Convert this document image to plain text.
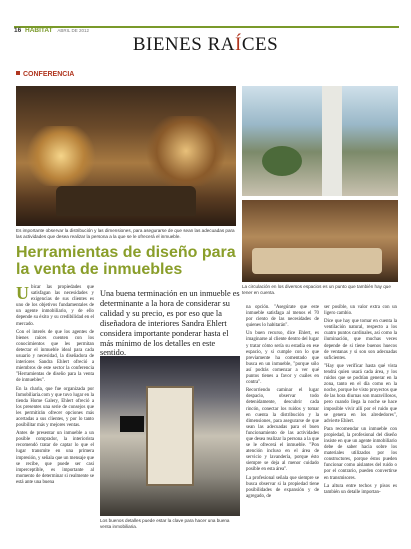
16 HABITAT ABRIL DE 2012
BIENES RAÍCES
CONFERENCIA
Es importante observar la distribución y las dimensiones, para asegurarse de que sean las adecuadas para las actividades que desea realizar la persona a la que se le ofrecerá el inmueble.
La circulación en los diversos espacios es un punto que también hay que tener en cuenta.
Los buenos detalles puede estar la clave para hacer una buena venta inmobiliaria.
Herramientas de diseño para la venta de inmuebles
Una buena terminación en un inmueble es determinante a la hora de considerar su calidad y su precio, es por eso que la diseñadora de interiores Sandra Ehlert considera importante ponderar hasta el más mínimo de los detalles en este sentido.

Ubicar las propiedades que satisfagan las necesidades y exigencias de sus clientes es uno de los objetivos fundamentales de un agente inmobiliario, y de ello depende su éxito y su credibilidad en el mercado.

Con el interés de que los agentes de bienes raíces cuenten con los conocimientos que les permitan detectar el inmueble ideal para cada usuario y necesidad, la diseñadora de interiores Sandra Ehlert ofreció a miembros de este sector la conferencia "Herramientas de diseño para la venta de inmuebles".

En la charla, que fue organizada por Inmobiliaria.com y que tuvo lugar en la tienda Home Galery, Ehlert ofreció a los presentes una serie de consejos que les permitirán ofrecer opciones más acertadas a sus clientes, y por lo tanto posibilitar más y mejores ventas.

Antes de presentar un inmueble a un posible comprador, la interiorista recomendó tratar de captar lo que el lugar transmite en una primera impresión, y señala que un mensaje que se recibe, que puede ser casi imperceptible, es importante al momento de determinar si realmente se está ante una buena

na opción. "Asegúrate que este inmueble satisfaga al menos el 70 por ciento de las necesidades de quienes lo habitarán".

Un buen recurso, dice Ehlert, es imaginarse al cliente dentro del lugar y tratar cómo sería su estadía en ese espacio, y si cumple con lo que previamente ha comentado que busca en un inmueble, "porque sólo así podrás comenzar a ver qué puntos tienes a favor y cuáles en contra".

Recorriendo caminar el lugar despacio, observar todo detenidamente, descubrir cada rincón, conectar los ruidos y tomar en cuenta la distribución y la dimensiones, para asegurarse de que sean las adecuadas para el buen funcionamiento de las actividades que desea realizar la persona a la que se le ofrecerá el inmueble. "Pon atención incluso en el área de servicio y lavandería, porque ésto siempre se deja al menor cuidado posible en esta área".

La profesional señala que siempre se busca observar si la propiedad tiene posibilidades de expansión y de agregado, de

ser posible, un valor extra con un ligero cambio.

Dice que hay que tomar en cuenta la ventilación natural, respecto a los cuatro puntos cardinales, así como la iluminación, que muchas veces depende de si tiene buenos huecos de ventanas y si son son adecuadas suficientes.

"Hay que verificar hasta qué vista tendrá quien usará cada área, y los ruidos que se podrían generar en la zona, tanto en el día como en la noche, porque he visto proyectos que de las hora diurnas son maravillosos, pero cuando llega la noche se hace imposible vivir allí por el ruido que se genera en los alrededores", advierte Ehlert.

Para recomendar un inmueble con propiedad, la profesional del diseño insiste en que un agente inmobiliario debe de saber hacia sobre los materiales utilizados por los constructores, porque éstos pueden funcionar como aislantes del ruido o por el contrario, pueden convertirse en transmisores.

La altura entre techos y pisos es también un detalle importan-
